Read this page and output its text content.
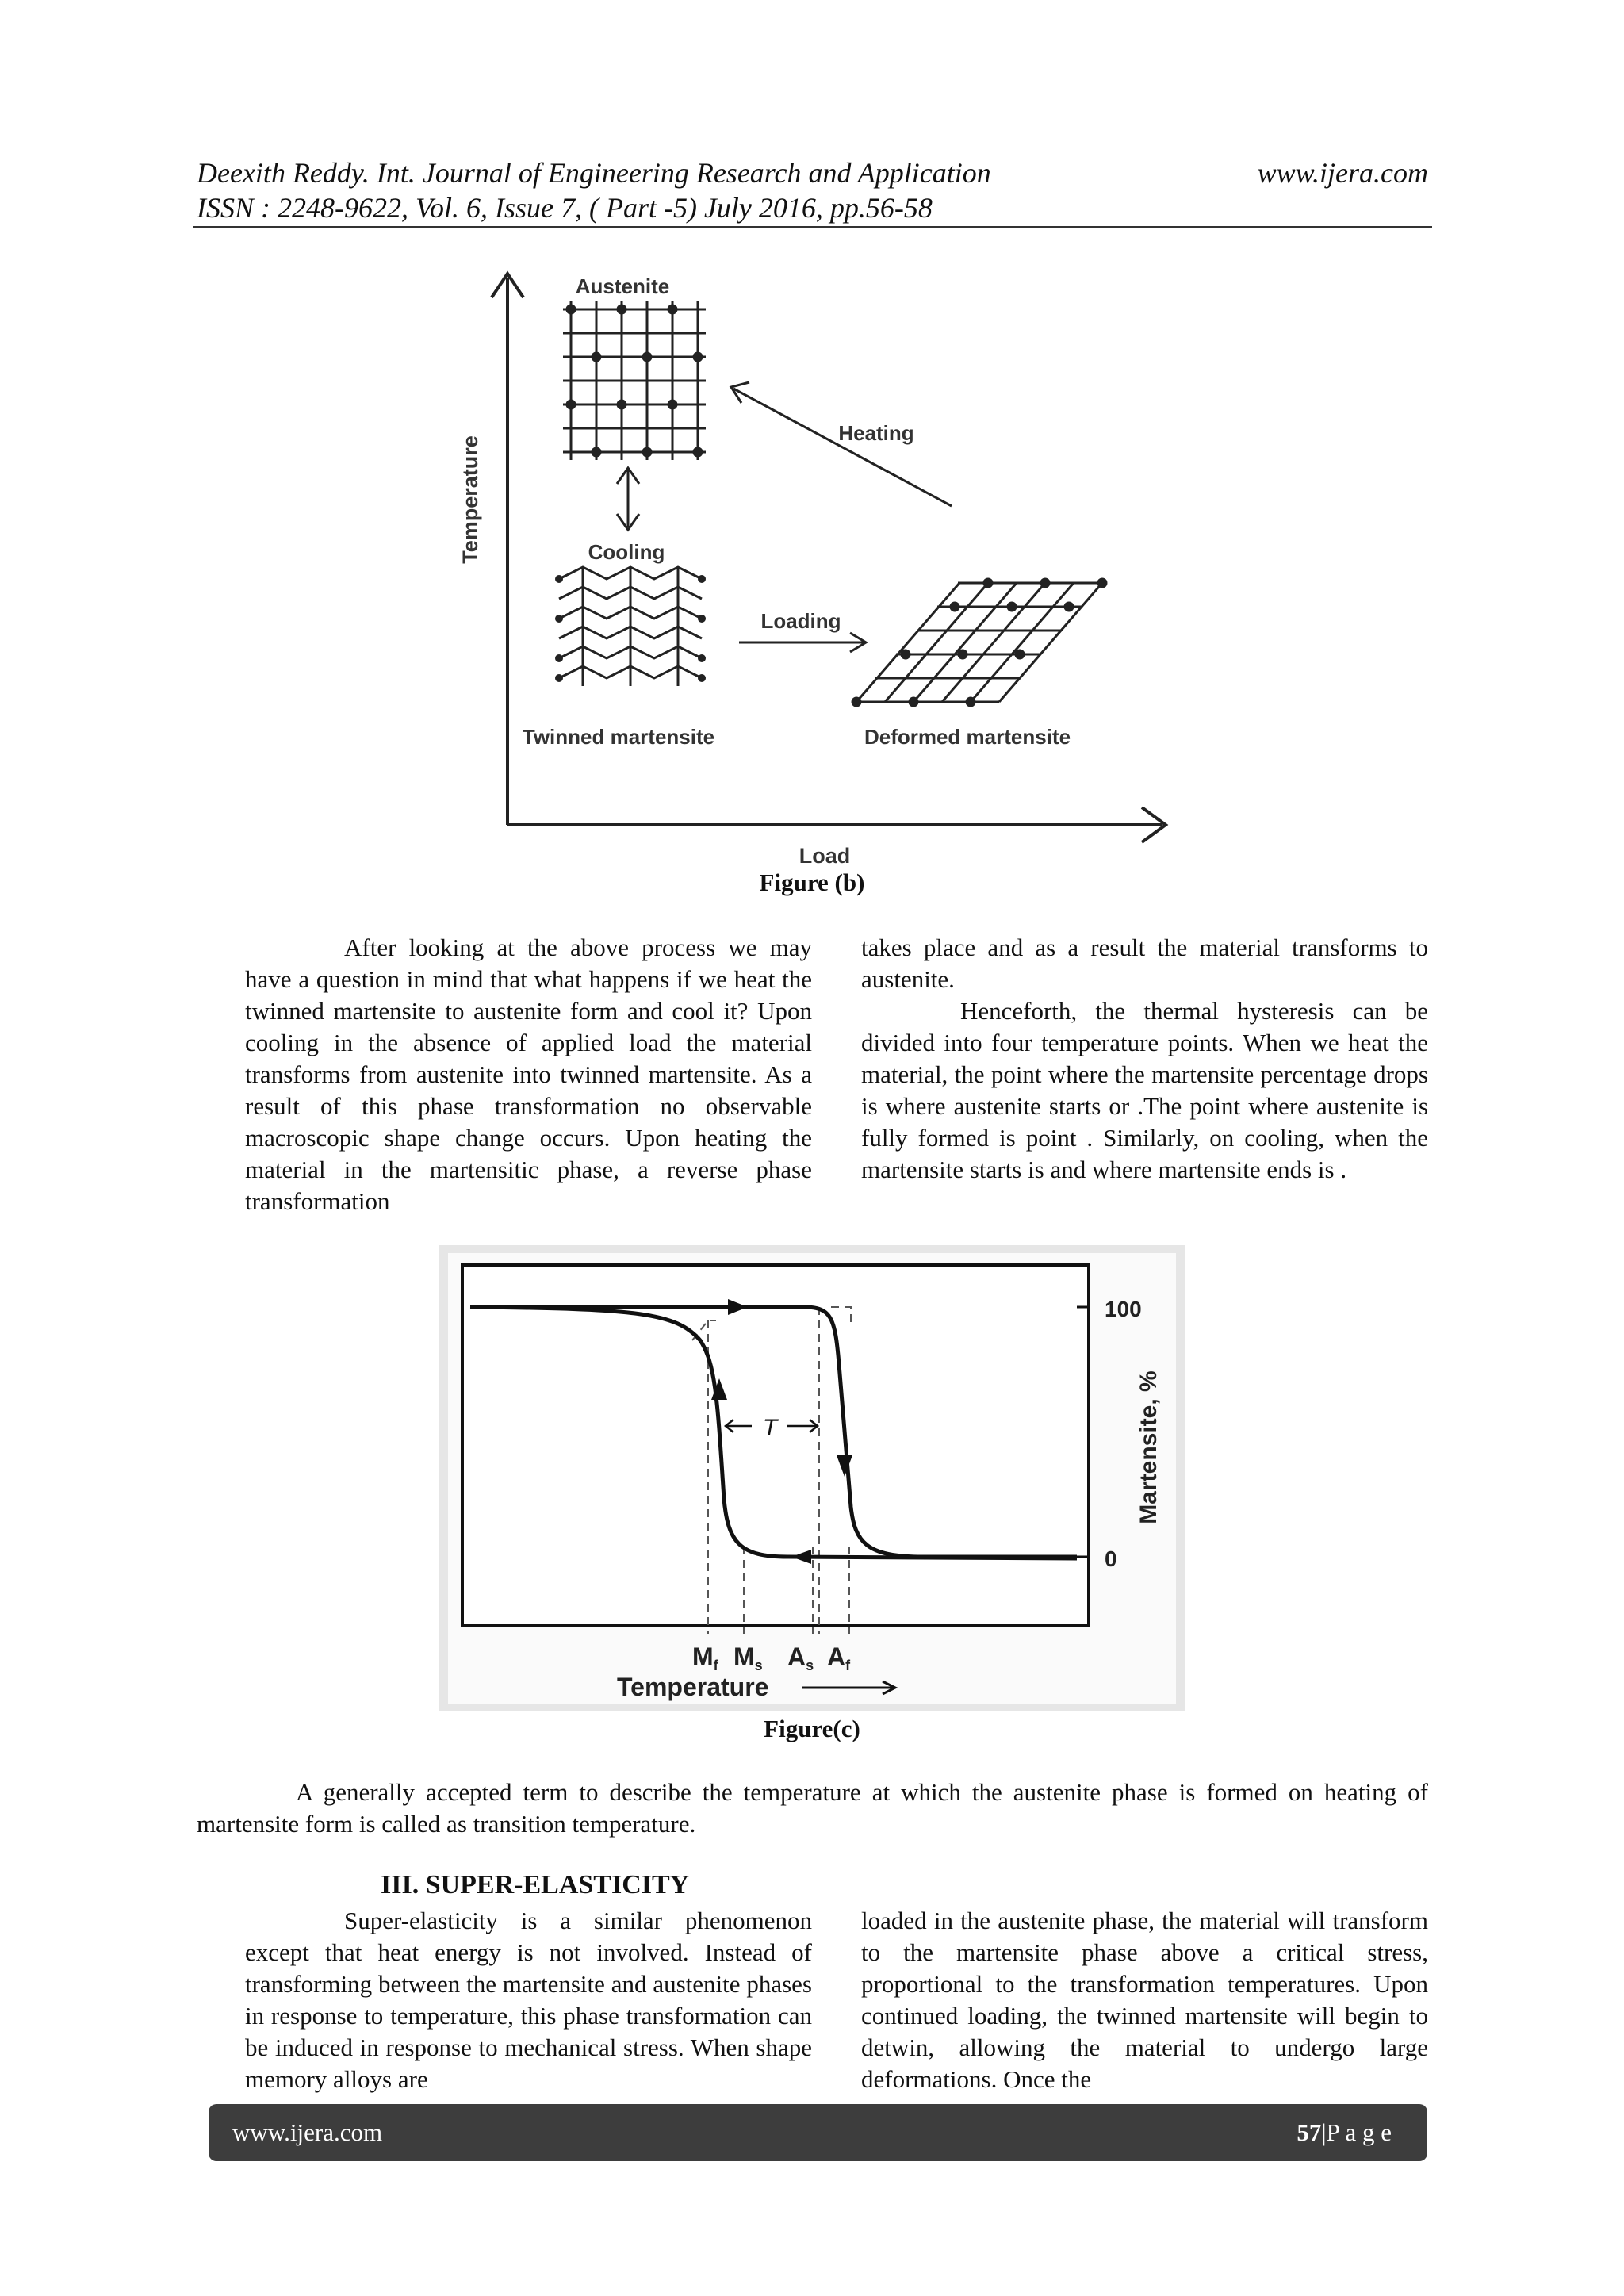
Deexith Reddy. Int. Journal of Engineering Research and Application	www.ijera.com
ISSN : 2248-9622, Vol. 6, Issue 7, ( Part -5) July 2016, pp.56-58
Temperature
Load
Austenite
Cooling
Twinned martensite
Loading
Deformed martensite
Heating
Figure (b)
After looking at the above process we may have a question in mind that what happens if we heat the twinned martensite to austenite form and cool it? Upon cooling in the absence of applied load the material transforms from austenite into twinned martensite. As a result of this phase transformation no observable macroscopic shape change occurs. Upon heating the material in the martensitic phase, a reverse phase transformation

takes place and as a result the material transforms to austenite.

Henceforth, the thermal hysteresis can be divided into four temperature points. When we heat the material, the point where the martensite percentage drops is where austenite starts or .The point where austenite is fully formed is point . Similarly, on cooling, when the martensite starts is and where martensite ends is .

100
0
Martensite, %
T
Mf Ms As Af
Temperature
Figure(c)
A generally accepted term to describe the temperature at which the austenite phase is formed on heating of martensite form is called as transition temperature.
III. SUPER-ELASTICITY
Super-elasticity is a similar phenomenon except that heat energy is not involved. Instead of transforming between the martensite and austenite phases in response to temperature, this phase transformation can be induced in response to mechanical stress. When shape memory alloys are
loaded in the austenite phase, the material will transform to the martensite phase above a critical stress, proportional to the transformation temperatures. Upon continued loading, the twinned martensite will begin to detwin, allowing the material to undergo large deformations. Once the
www.ijera.com	57|P a g e
